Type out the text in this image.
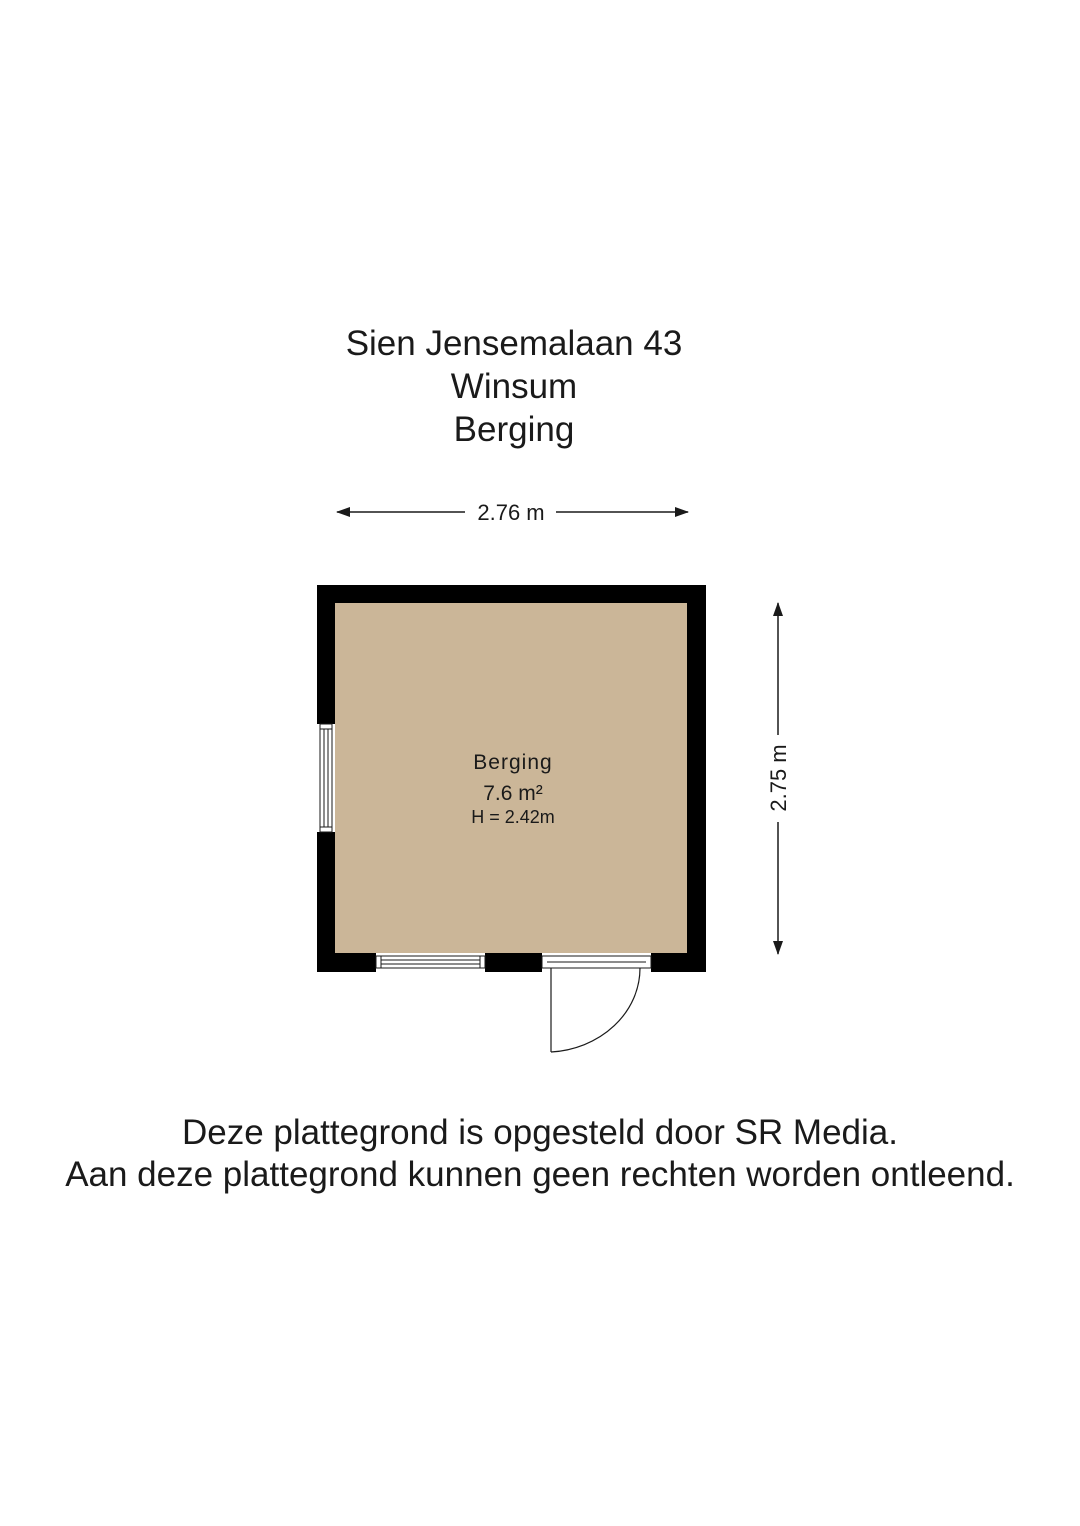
Sien Jensemalaan 43
Winsum
Berging
2.76 m
2.75 m
Berging
7.6 m²
H = 2.42m
Deze plattegrond is opgesteld door SR Media.
Aan deze plattegrond kunnen geen rechten worden ontleend.
